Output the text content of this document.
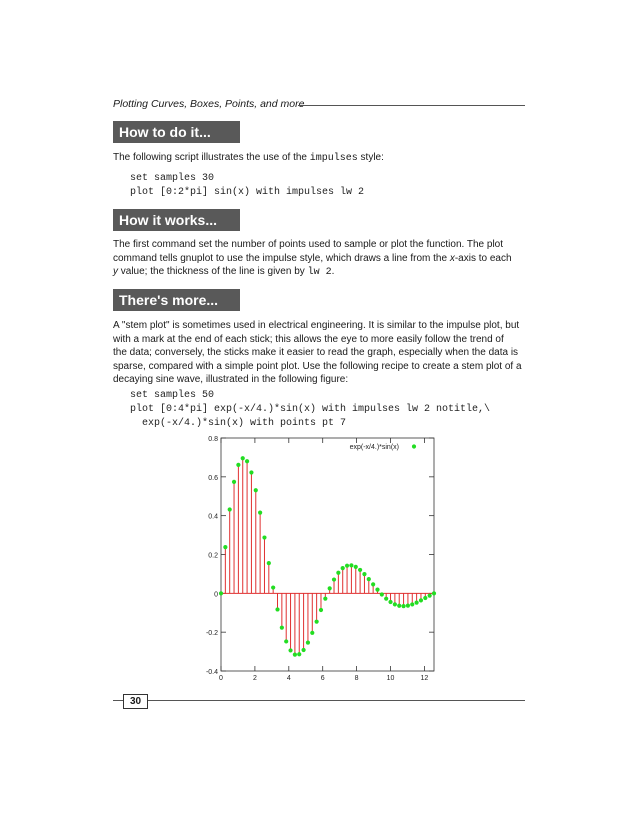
Plotting Curves, Boxes, Points, and more
How to do it...
The following script illustrates the use of the impulses style:
set samples 30
plot [0:2*pi] sin(x) with impulses lw 2
How it works...
The first command set the number of points used to sample or plot the function. The plot
command tells gnuplot to use the impulse style, which draws a line from the x-axis to each
y value; the thickness of the line is given by lw 2.
There's more...
A "stem plot" is sometimes used in electrical engineering. It is similar to the impulse plot, but
with a mark at the end of each stick; this allows the eye to more easily follow the trend of
the data; conversely, the sticks make it easier to read the graph, especially when the data is
sparse, compared with a simple point plot. Use the following recipe to create a stem plot of a
decaying sine wave, illustrated in the following figure:
set samples 50
plot [0:4*pi] exp(-x/4.)*sin(x) with impulses lw 2 notitle,\
exp(-x/4.)*sin(x) with points pt 7
-0.4
-0.2
0
0.2
0.4
0.6
0.8
0	2	4	6	8	10	12
exp(-x/4.)*sin(x)
30
